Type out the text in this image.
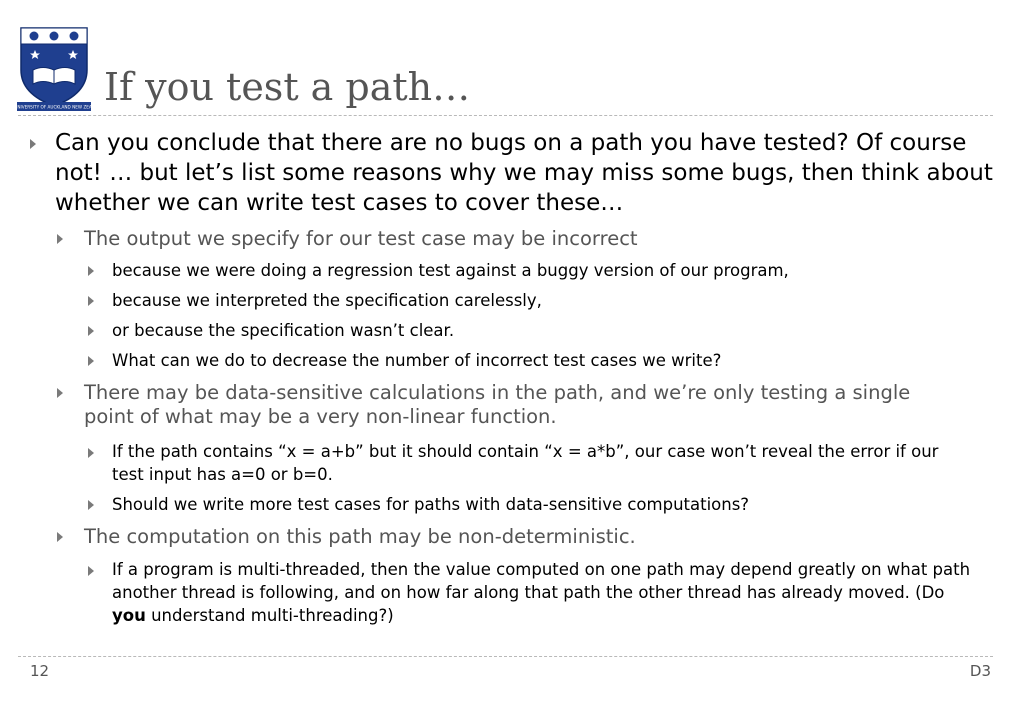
THE UNIVERSITY OF AUCKLAND NEW ZEALAND If you test a path…
Can you conclude that there are no bugs on a path you have tested? Of course not! … but let’s list some reasons why we may miss some bugs, then think about whether we can write test cases to cover these…
The output we specify for our test case may be incorrect
because we were doing a regression test against a buggy version of our program,
because we interpreted the specification carelessly,
or because the specification wasn’t clear.
What can we do to decrease the number of incorrect test cases we write?
There may be data-sensitive calculations in the path, and we’re only testing a single point of what may be a very non-linear function.
If the path contains “x = a+b” but it should contain “x = a*b”, our case won’t reveal the error if our test input has a=0 or b=0.
Should we write more test cases for paths with data-sensitive computations?
The computation on this path may be non-deterministic.
If a program is multi-threaded, then the value computed on one path may depend greatly on what path another thread is following, and on how far along that path the other thread has already moved. (Do you understand multi-threading?)
12	D3
